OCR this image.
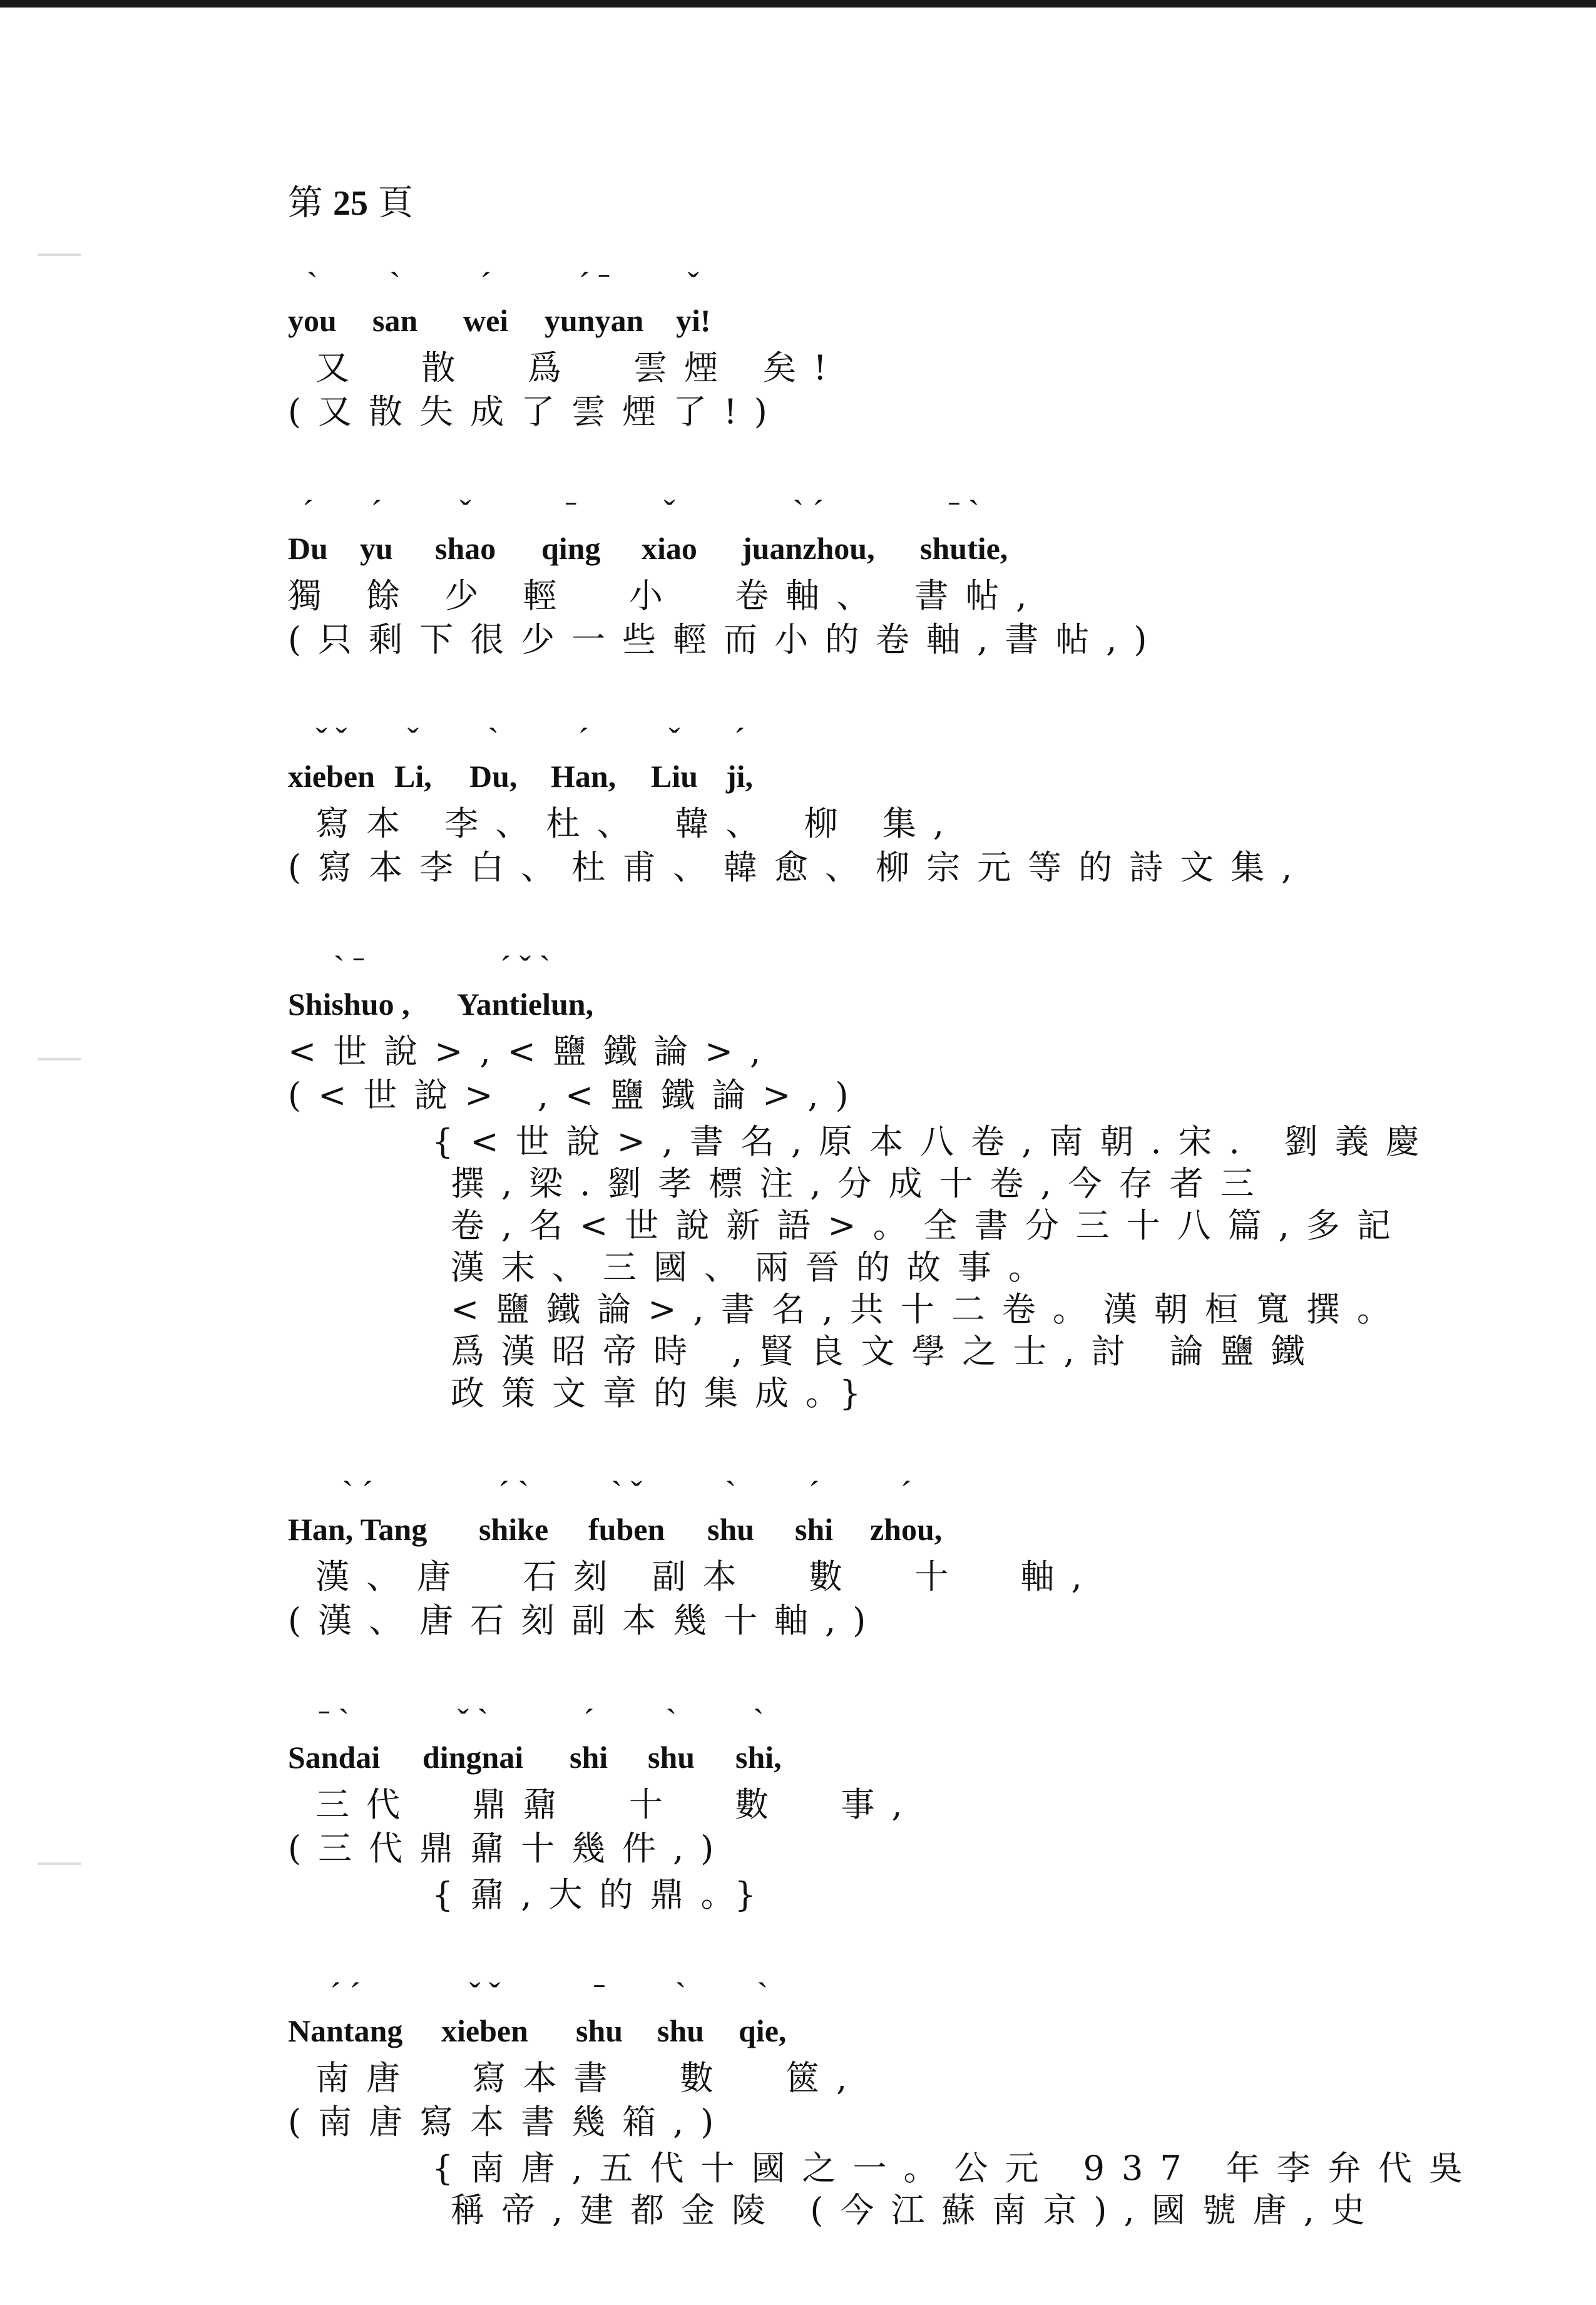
第 25 頁
ˋ
you
ˋ
san
ˊ
wei
ˊ ˉ
yunyan
ˇ
yi!
又  散  爲  雲煙 矣!
(又散失成了雲煙了!)
ˊ
Du
ˊ
yu
ˇ
shao
ˉ
qing
ˇ
xiao
ˋ ˊ
juanzhou,
ˉ ˋ
shutie,
獨 餘 少 輕  小  卷軸、 書帖,
(只剩下很少一些輕而小的卷軸,書帖,)
ˇ ˇ
xieben
ˇ
Li,
ˋ
Du,
ˊ
Han,
ˇ
Liu
ˊ
ji,
寫本 李、杜、 韓、 柳 集,
(寫本李白、杜甫、韓愈、柳宗元等的詩文集,
ˋ ˉ
Shishuo ,
ˊ ˇ ˋ
Yantielun,
<世說>,<鹽鐵論>,
(<世說> ,<鹽鐵論>,)
{<世說>,書名,原本八卷,南朝.宋. 劉義慶
撰,梁.劉孝標注,分成十卷,今存者三
卷,名<世說新語>。全書分三十八篇,多記
漢末、三國、兩晉的故事。
<鹽鐵論>,書名,共十二卷。漢朝桓寬撰。
爲漢昭帝時 ,賢良文學之士,討 論鹽鐵
政策文章的集成。}
ˋ ˊ
Han, Tang
ˊ ˋ
shike
ˋ ˇ
fuben
ˋ
shu
ˊ
shi
ˊ
zhou,
漢、唐  石刻 副本  數  十  軸,
(漢、唐石刻副本幾十軸,)
ˉ ˋ
Sandai
ˇ ˋ
dingnai
ˊ
shi
ˋ
shu
ˋ
shi,
三代  鼎鼐  十  數  事,
(三代鼎鼐十幾件,)
{鼐,大的鼎。}
ˊ ˊ
Nantang
ˇ ˇ
xieben
ˉ
shu
ˋ
shu
ˋ
qie,
南唐  寫本書  數  篋,
(南唐寫本書幾箱,)
{南唐,五代十國之一。公元 937 年李弁代吳
稱帝,建都金陵 (今江蘇南京),國號唐,史
